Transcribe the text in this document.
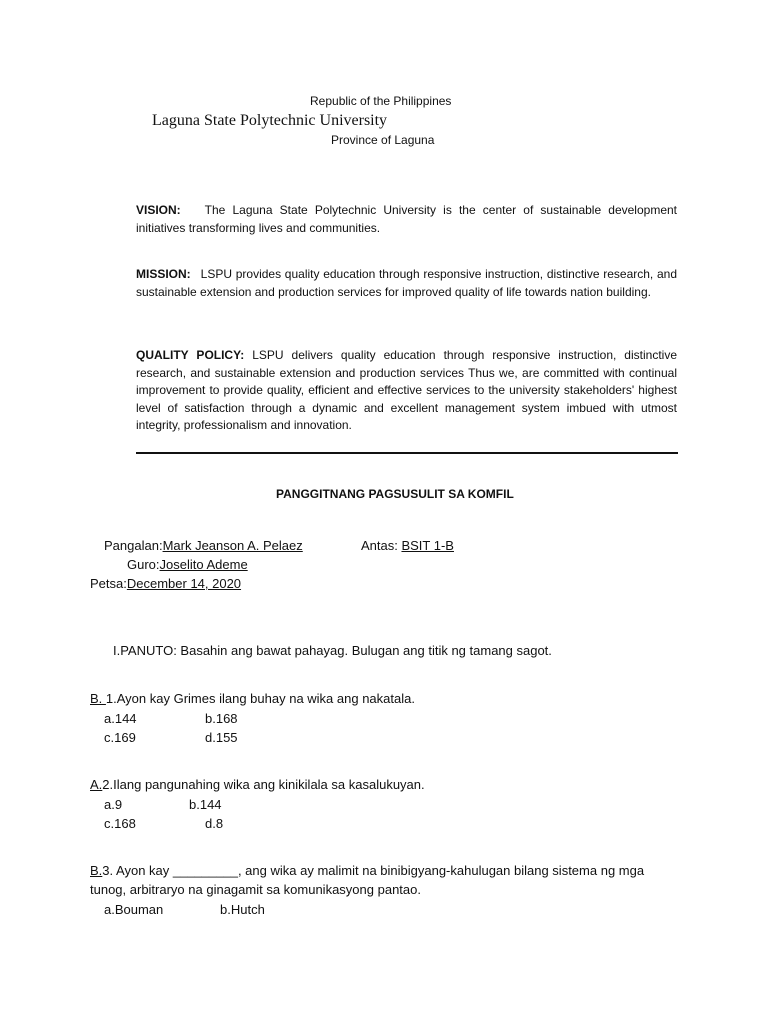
Republic of the Philippines
Laguna State Polytechnic University
Province of Laguna
VISION: The Laguna State Polytechnic University is the center of sustainable development initiatives transforming lives and communities.
MISSION: LSPU provides quality education through responsive instruction, distinctive research, and sustainable extension and production services for improved quality of life towards nation building.
QUALITY POLICY: LSPU delivers quality education through responsive instruction, distinctive research, and sustainable extension and production services Thus we, are committed with continual improvement to provide quality, efficient and effective services to the university stakeholders' highest level of satisfaction through a dynamic and excellent management system imbued with utmost integrity, professionalism and innovation.
PANGGITNANG PAGSUSULIT SA KOMFIL
Pangalan:Mark Jeanson A. Pelaez	Antas: BSIT 1-B
Guro:Joselito Ademe
Petsa:December 14, 2020
I.PANUTO: Basahin ang bawat pahayag. Bulugan ang titik ng tamang sagot.
B. 1.Ayon kay Grimes ilang buhay na wika ang nakatala.
a.144	b.168
c.169	d.155
A.2.Ilang pangunahing wika ang kinikilala sa kasalukuyan.
a.9	b.144
c.168	d.8
B.3. Ayon kay _________, ang wika ay malimit na binibigyang-kahulugan bilang sistema ng mga
tunog, arbitraryo na ginagamit sa komunikasyong pantao.
a.Bouman	b.Hutch
